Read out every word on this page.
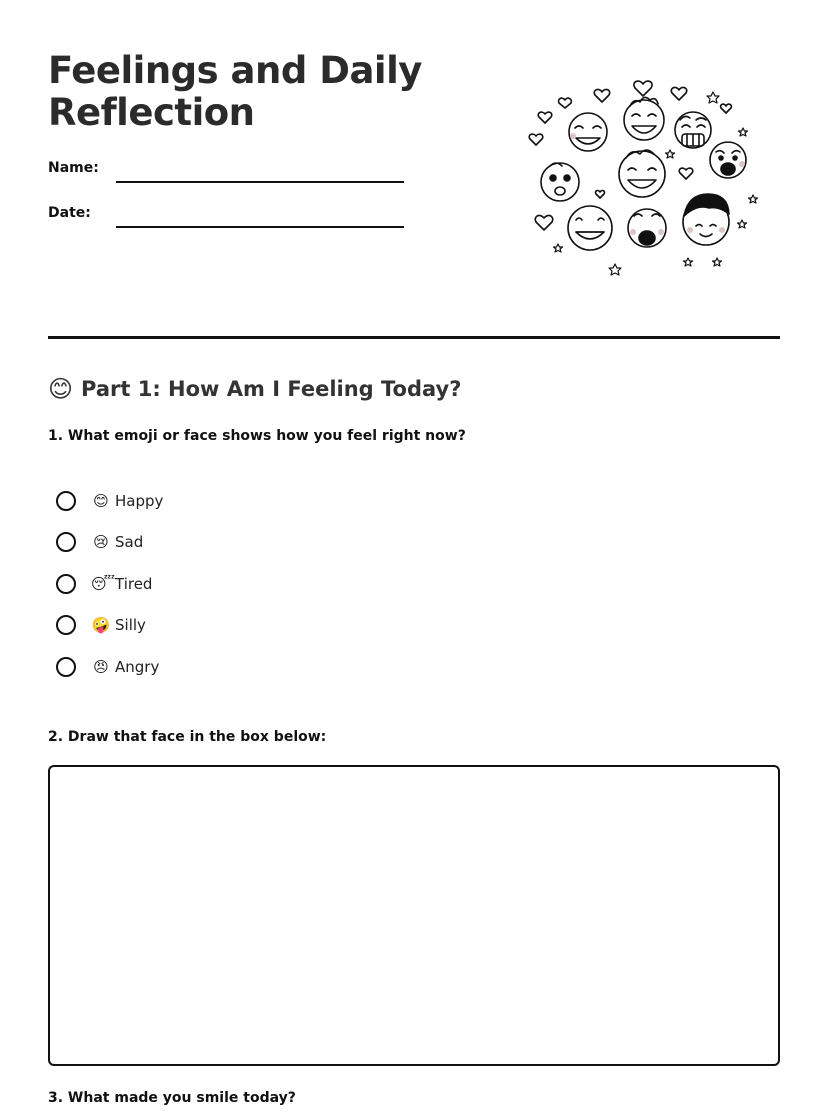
Feelings and Daily Reflection
Name:
Date:
😊 Part 1: How Am I Feeling Today?

1. What emoji or face shows how you feel right now?

😊 Happy
😢 Sad
😴 Tired
🤪 Silly
😠 Angry

2. Draw that face in the box below:

3. What made you smile today?
